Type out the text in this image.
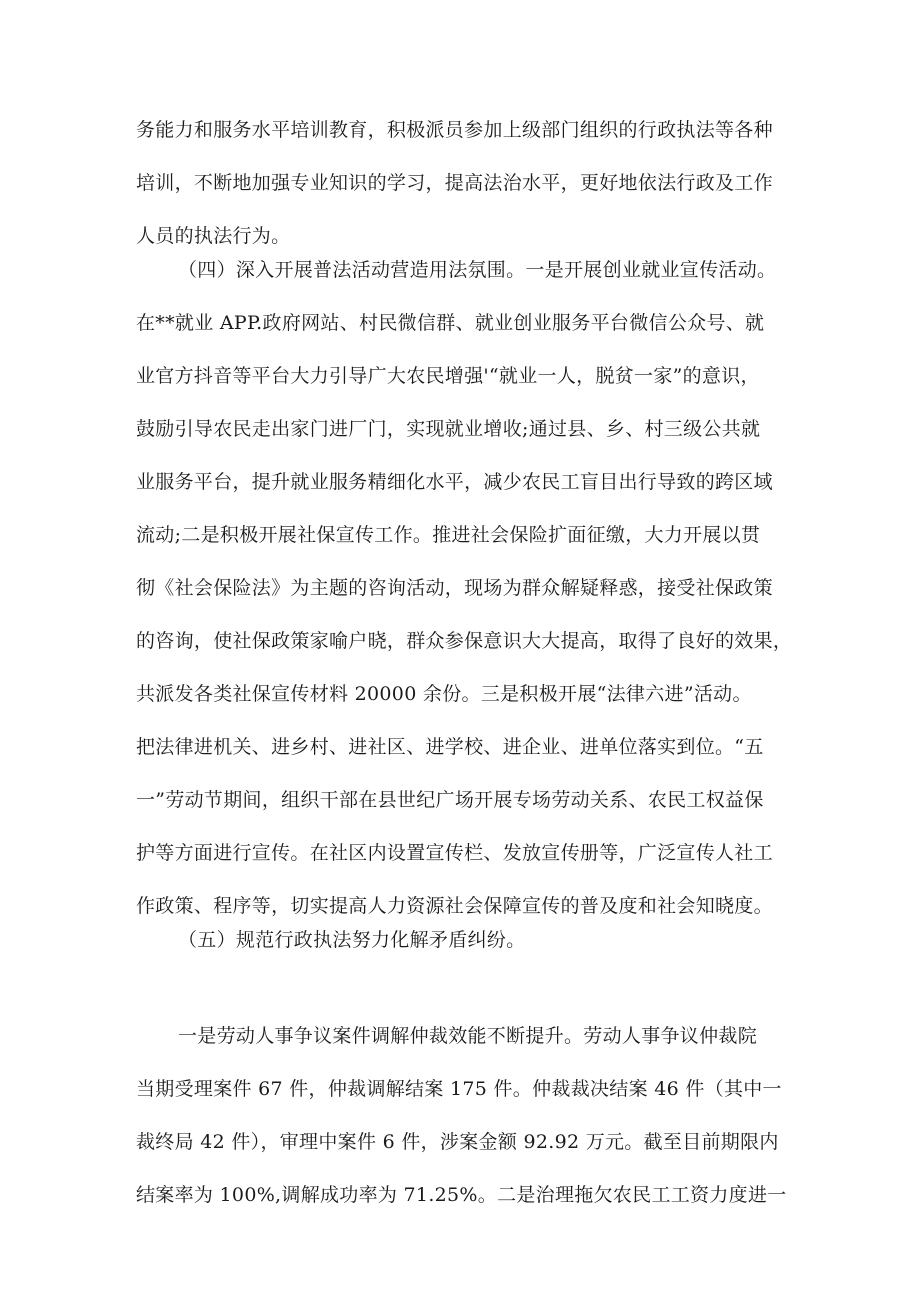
务能力和服务水平培训教育，积极派员参加上级部门组织的行政执法等各种
培训，不断地加强专业知识的学习，提高法治水平，更好地依法行政及工作
人员的执法行为。
（四）深入开展普法活动营造用法氛围。一是开展创业就业宣传活动。
在**就业 APP.政府网站、村民微信群、就业创业服务平台微信公众号、就
业官方抖音等平台大力引导广大农民增强'“就业一人，脱贫一家”的意识，
鼓励引导农民走出家门进厂门，实现就业增收;通过县、乡、村三级公共就
业服务平台，提升就业服务精细化水平，减少农民工盲目出行导致的跨区域
流动;二是积极开展社保宣传工作。推进社会保险扩面征缴，大力开展以贯
彻《社会保险法》为主题的咨询活动，现场为群众解疑释惑，接受社保政策
的咨询，使社保政策家喻户晓，群众参保意识大大提高，取得了良好的效果，
共派发各类社保宣传材料 20000 余份。三是积极开展“法律六进”活动。
把法律进机关、进乡村、进社区、进学校、进企业、进单位落实到位。“五
一”劳动节期间，组织干部在县世纪广场开展专场劳动关系、农民工权益保
护等方面进行宣传。在社区内设置宣传栏、发放宣传册等，广泛宣传人社工
作政策、程序等，切实提高人力资源社会保障宣传的普及度和社会知晓度。
（五）规范行政执法努力化解矛盾纠纷。
一是劳动人事争议案件调解仲裁效能不断提升。劳动人事争议仲裁院
当期受理案件 67 件，仲裁调解结案 175 件。仲裁裁决结案 46 件（其中一
裁终局 42 件），审理中案件 6 件，涉案金额 92.92 万元。截至目前期限内
结案率为 100%,调解成功率为 71.25%。二是治理拖欠农民工工资力度进一
